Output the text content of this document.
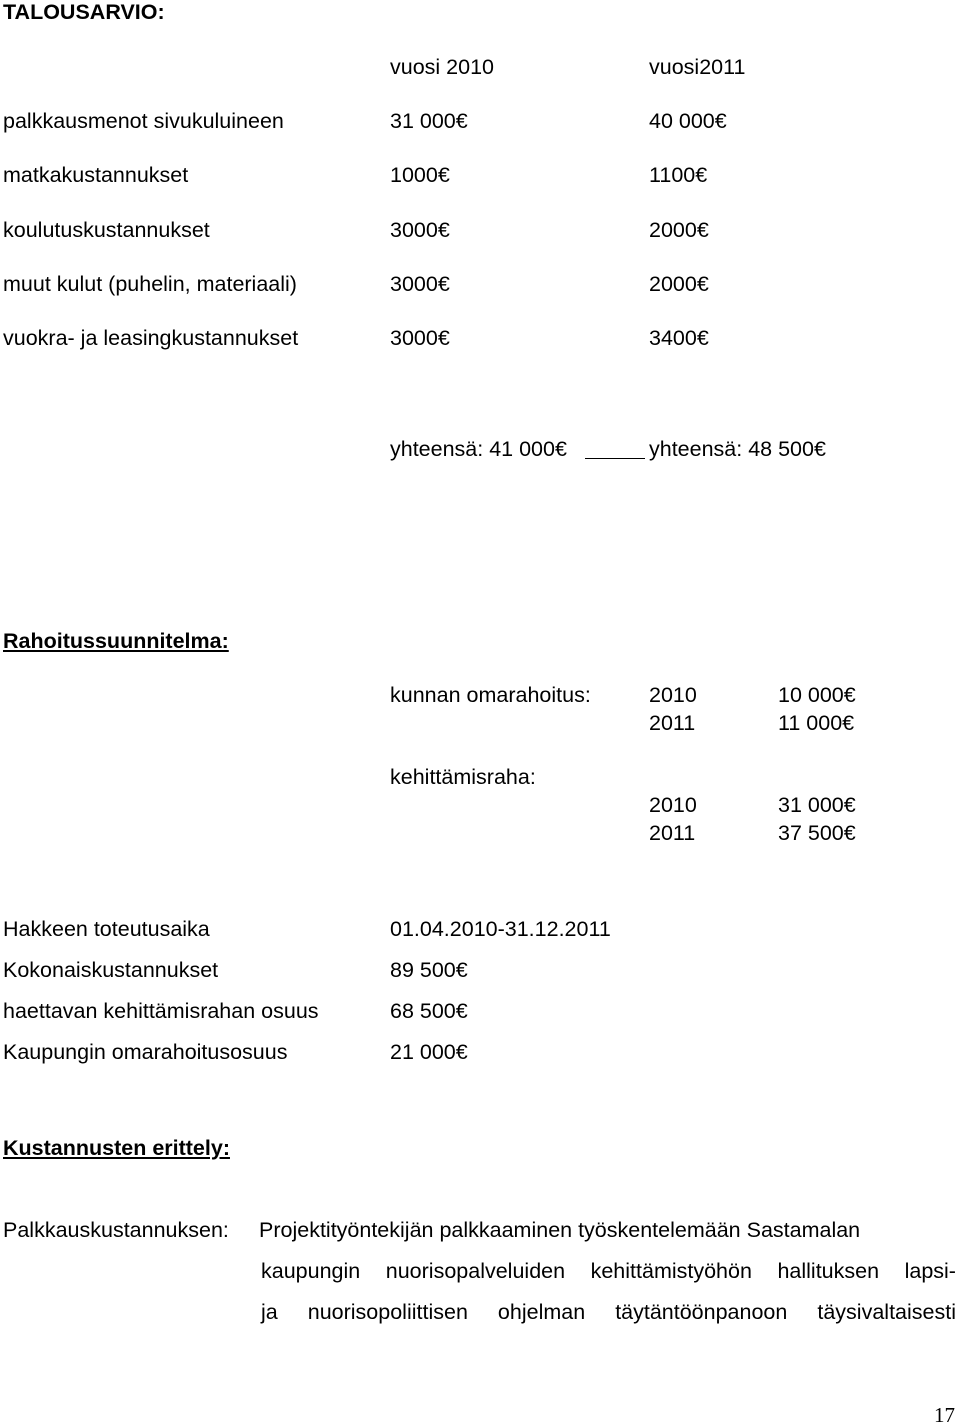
TALOUSARVIO:
vuosi 2010	vuosi2011
palkkausmenot sivukuluineen	31 000€	40 000€
matkakustannukset	1000€	1100€
koulutuskustannukset	3000€	2000€
muut kulut (puhelin, materiaali)	3000€	2000€
vuokra- ja leasingkustannukset	3000€	3400€
yhteensä: 41 000€	yhteensä: 48 500€
Rahoitussuunnitelma:
kunnan omarahoitus:	2010	10 000€
2011	11 000€
kehittämisraha:
2010	31 000€
2011	37 500€
Hakkeen toteutusaika	01.04.2010-31.12.2011
Kokonaiskustannukset	89 500€
haettavan kehittämisrahan osuus	68 500€
Kaupungin omarahoitusosuus	21 000€
Kustannusten erittely:
Palkkauskustannuksen: Projektityöntekijän palkkaaminen työskentelemään Sastamalan
kaupungin nuorisopalveluiden kehittämistyöhön hallituksen lapsi-
ja nuorisopoliittisen ohjelman täytäntöönpanoon täysivaltaisesti
17
